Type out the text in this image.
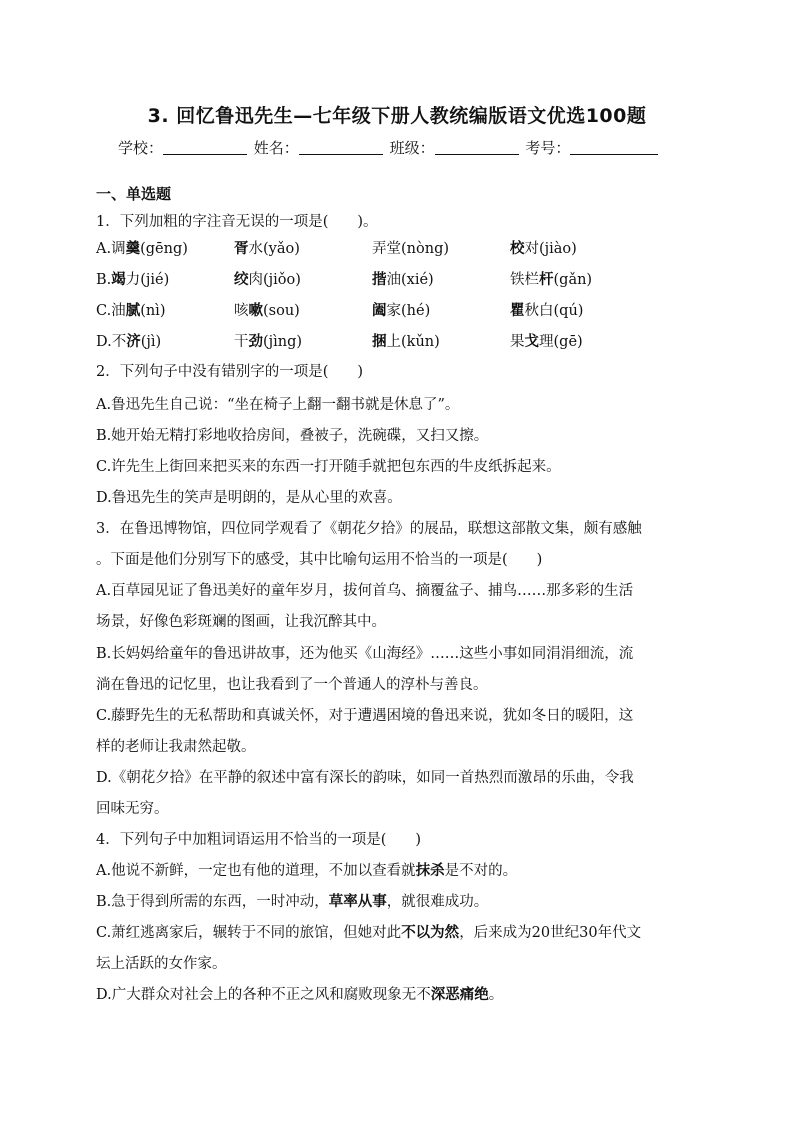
3. 回忆鲁迅先生—七年级下册人教统编版语文优选100题
学校：	姓名：	班级：	考号：
一、单选题
1．下列加粗的字注音无误的一项是(　　)。
A.调羹(gēng)	胥水(yǎo)	弄堂(nòng)	校对(jiào)
B.竭力(jié)	绞肉(jiǒo)	揩油(xié)	铁栏杆(gǎn)
C.油腻(nì)	咳嗽(sou)	阖家(hé)	瞿秋白(qú)
D.不济(jì)	干劲(jìng)	捆上(kǔn)	果戈理(gē)
2．下列句子中没有错别字的一项是(　　)
A.鲁迅先生自己说：“坐在椅子上翻一翻书就是休息了”。
B.她开始无精打彩地收拾房间，叠被子，洗碗碟，又扫又擦。
C.许先生上街回来把买来的东西一打开随手就把包东西的牛皮纸拆起来。
D.鲁迅先生的笑声是明朗的，是从心里的欢喜。
3．在鲁迅博物馆，四位同学观看了《朝花夕拾》的展品，联想这部散文集，颇有感触
。下面是他们分别写下的感受，其中比喻句运用不恰当的一项是(　　)
A.百草园见证了鲁迅美好的童年岁月，拔何首乌、摘覆盆子、捕鸟……那多彩的生活
场景，好像色彩斑斓的图画，让我沉醉其中。
B.长妈妈给童年的鲁迅讲故事，还为他买《山海经》……这些小事如同涓涓细流，流
淌在鲁迅的记忆里，也让我看到了一个普通人的淳朴与善良。
C.藤野先生的无私帮助和真诚关怀，对于遭遇困境的鲁迅来说，犹如冬日的暖阳，这
样的老师让我肃然起敬。
D.《朝花夕拾》在平静的叙述中富有深长的韵味，如同一首热烈而激昂的乐曲，令我
回味无穷。
4．下列句子中加粗词语运用不恰当的一项是(　　)
A.他说不新鲜，一定也有他的道理，不加以查看就抹杀是不对的。
B.急于得到所需的东西，一时冲动，草率从事，就很难成功。
C.萧红逃离家后，辗转于不同的旅馆，但她对此不以为然，后来成为20世纪30年代文
坛上活跃的女作家。
D.广大群众对社会上的各种不正之风和腐败现象无不深恶痛绝。
